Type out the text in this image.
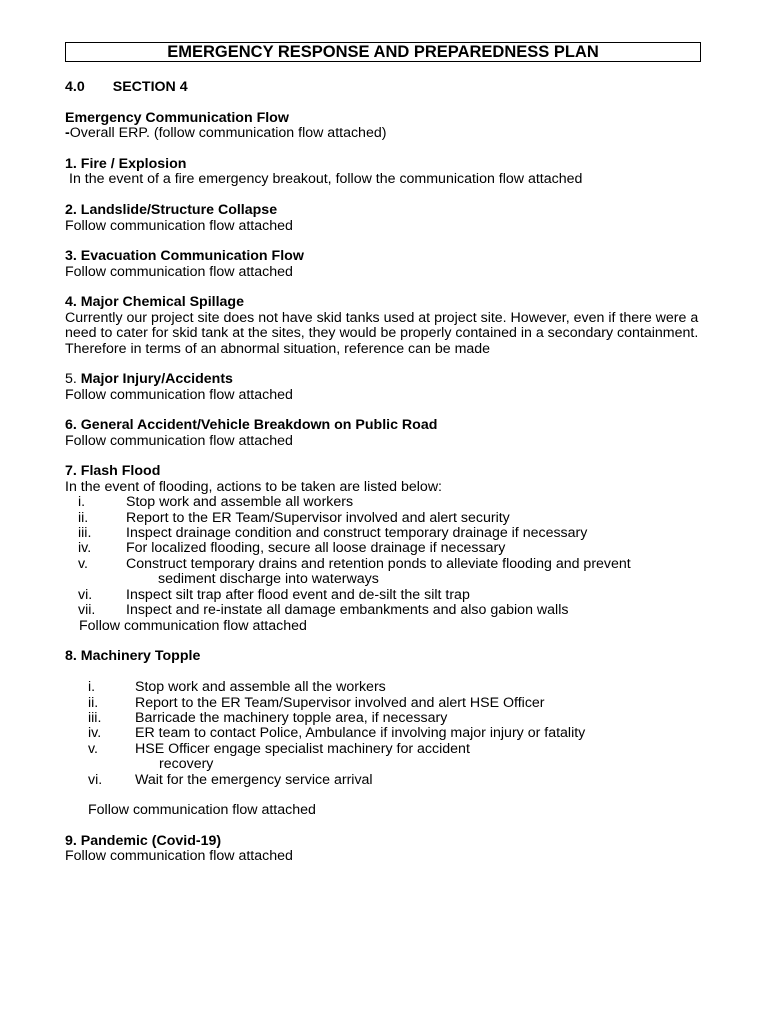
EMERGENCY RESPONSE AND PREPAREDNESS PLAN
4.0 SECTION 4
Emergency Communication Flow
-Overall ERP. (follow communication flow attached)
1. Fire / Explosion
In the event of a fire emergency breakout, follow the communication flow attached
2. Landslide/Structure Collapse
Follow communication flow attached
3. Evacuation Communication Flow
Follow communication flow attached
4. Major Chemical Spillage
Currently our project site does not have skid tanks used at project site. However, even if there were a
need to cater for skid tank at the sites, they would be properly contained in a secondary containment.
Therefore in terms of an abnormal situation, reference can be made
5. Major Injury/Accidents
Follow communication flow attached
6. General Accident/Vehicle Breakdown on Public Road
Follow communication flow attached
7. Flash Flood
In the event of flooding, actions to be taken are listed below:
i.	Stop work and assemble all workers
ii.	Report to the ER Team/Supervisor involved and alert security
iii. Inspect drainage condition and construct temporary drainage if necessary
iv. For localized flooding, secure all loose drainage if necessary
v.	Construct temporary drains and retention ponds to alleviate flooding and prevent
sediment discharge into waterways
vi. Inspect silt trap after flood event and de-silt the silt trap
vii. Inspect and re-instate all damage embankments and also gabion walls
Follow communication flow attached
8. Machinery Topple
i.	Stop work and assemble all the workers
ii.	Report to the ER Team/Supervisor involved and alert HSE Officer
iii. Barricade the machinery topple area, if necessary
iv. ER team to contact Police, Ambulance if involving major injury or fatality
v.	HSE Officer engage specialist machinery for accident
recovery
vi. Wait for the emergency service arrival
Follow communication flow attached
9. Pandemic (Covid-19)
Follow communication flow attached
